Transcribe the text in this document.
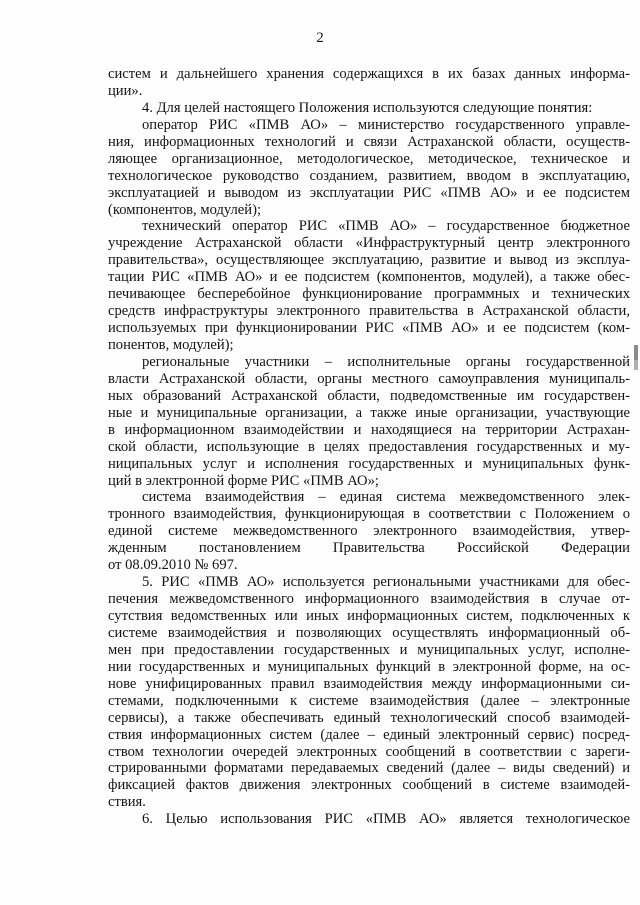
2
систем и дальнейшего хранения содержащихся в их базах данных информа-
ции».
4. Для целей настоящего Положения используются следующие понятия:
оператор РИС «ПМВ АО» – министерство государственного управле-
ния, информационных технологий и связи Астраханской области, осуществ-
ляющее организационное, методологическое, методическое, техническое и
технологическое руководство созданием, развитием, вводом в эксплуатацию,
эксплуатацией и выводом из эксплуатации РИС «ПМВ АО» и ее подсистем
(компонентов, модулей);
технический оператор РИС «ПМВ АО» – государственное бюджетное
учреждение Астраханской области «Инфраструктурный центр электронного
правительства», осуществляющее эксплуатацию, развитие и вывод из эксплуа-
тации РИС «ПМВ АО» и ее подсистем (компонентов, модулей), а также обес-
печивающее бесперебойное функционирование программных и технических
средств инфраструктуры электронного правительства в Астраханской области,
используемых при функционировании РИС «ПМВ АО» и ее подсистем (ком-
понентов, модулей);
региональные участники – исполнительные органы государственной
власти Астраханской области, органы местного самоуправления муниципаль-
ных образований Астраханской области, подведомственные им государствен-
ные и муниципальные организации, а также иные организации, участвующие
в информационном взаимодействии и находящиеся на территории Астрахан-
ской области, использующие в целях предоставления государственных и му-
ниципальных услуг и исполнения государственных и муниципальных функ-
ций в электронной форме РИС «ПМВ АО»;
система взаимодействия – единая система межведомственного элек-
тронного взаимодействия, функционирующая в соответствии с Положением о
единой системе межведомственного электронного взаимодействия, утвер-
жденным постановлением Правительства Российской Федерации
от 08.09.2010 № 697.
5. РИС «ПМВ АО» используется региональными участниками для обес-
печения межведомственного информационного взаимодействия в случае от-
сутствия ведомственных или иных информационных систем, подключенных к
системе взаимодействия и позволяющих осуществлять информационный об-
мен при предоставлении государственных и муниципальных услуг, исполне-
нии государственных и муниципальных функций в электронной форме, на ос-
нове унифицированных правил взаимодействия между информационными си-
стемами, подключенными к системе взаимодействия (далее – электронные
сервисы), а также обеспечивать единый технологический способ взаимодей-
ствия информационных систем (далее – единый электронный сервис) посред-
ством технологии очередей электронных сообщений в соответствии с зареги-
стрированными форматами передаваемых сведений (далее – виды сведений) и
фиксацией фактов движения электронных сообщений в системе взаимодей-
ствия.
6. Целью использования РИС «ПМВ АО» является технологическое
